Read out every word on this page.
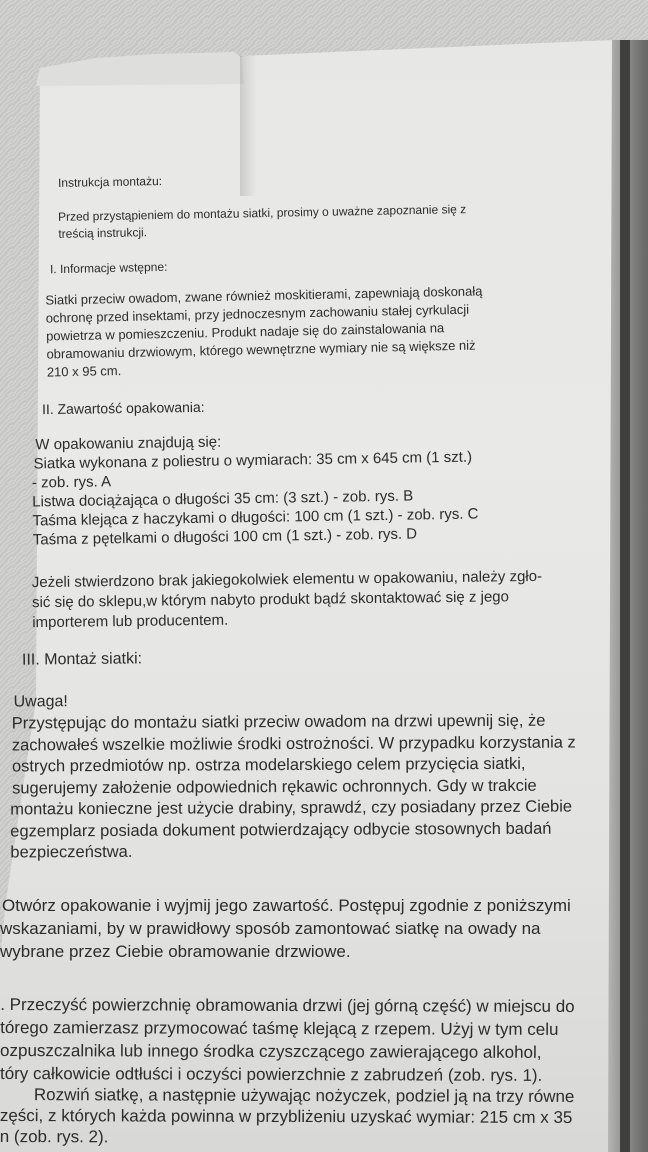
Instrukcja montażu:
Przed przystąpieniem do montażu siatki, prosimy o uważne zapoznanie się z
treścią instrukcji.
I. Informacje wstępne:
Siatki przeciw owadom, zwane również moskitierami, zapewniają doskonałą
ochronę przed insektami, przy jednoczesnym zachowaniu stałej cyrkulacji
powietrza w pomieszczeniu. Produkt nadaje się do zainstalowania na
obramowaniu drzwiowym, którego wewnętrzne wymiary nie są większe niż
210 x 95 cm.
II. Zawartość opakowania:
W opakowaniu znajdują się:
Siatka wykonana z poliestru o wymiarach: 35 cm x 645 cm (1 szt.)
- zob. rys. A
Listwa dociążająca o długości 35 cm: (3 szt.) - zob. rys. B
Taśma klejąca z haczykami o długości: 100 cm (1 szt.) - zob. rys. C
Taśma z pętelkami o długości 100 cm (1 szt.) - zob. rys. D
Jeżeli stwierdzono brak jakiegokolwiek elementu w opakowaniu, należy zgło-
sić się do sklepu,w którym nabyto produkt bądź skontaktować się z jego
importerem lub producentem.
III. Montaż siatki:
Uwaga!
Przystępując do montażu siatki przeciw owadom na drzwi upewnij się, że
zachowałeś wszelkie możliwie środki ostrożności. W przypadku korzystania z
ostrych przedmiotów np. ostrza modelarskiego celem przycięcia siatki,
sugerujemy założenie odpowiednich rękawic ochronnych. Gdy w trakcie
montażu konieczne jest użycie drabiny, sprawdź, czy posiadany przez Ciebie
egzemplarz posiada dokument potwierdzający odbycie stosownych badań
bezpieczeństwa.
Otwórz opakowanie i wyjmij jego zawartość. Postępuj zgodnie z poniższymi
wskazaniami, by w prawidłowy sposób zamontować siatkę na owady na
wybrane przez Ciebie obramowanie drzwiowe.
. Przeczyść powierzchnię obramowania drzwi (jej górną część) w miejscu do
tórego zamierzasz przymocować taśmę klejącą z rzepem. Użyj w tym celu
ozpuszczalnika lub innego środka czyszczącego zawierającego alkohol,
tóry całkowicie odtłuści i oczyści powierzchnie z zabrudzeń (zob. rys. 1).
Rozwiń siatkę, a następnie używając nożyczek, podziel ją na trzy równe
zęści, z których każda powinna w przybliżeniu uzyskać wymiar: 215 cm x 35
n (zob. rys. 2).
